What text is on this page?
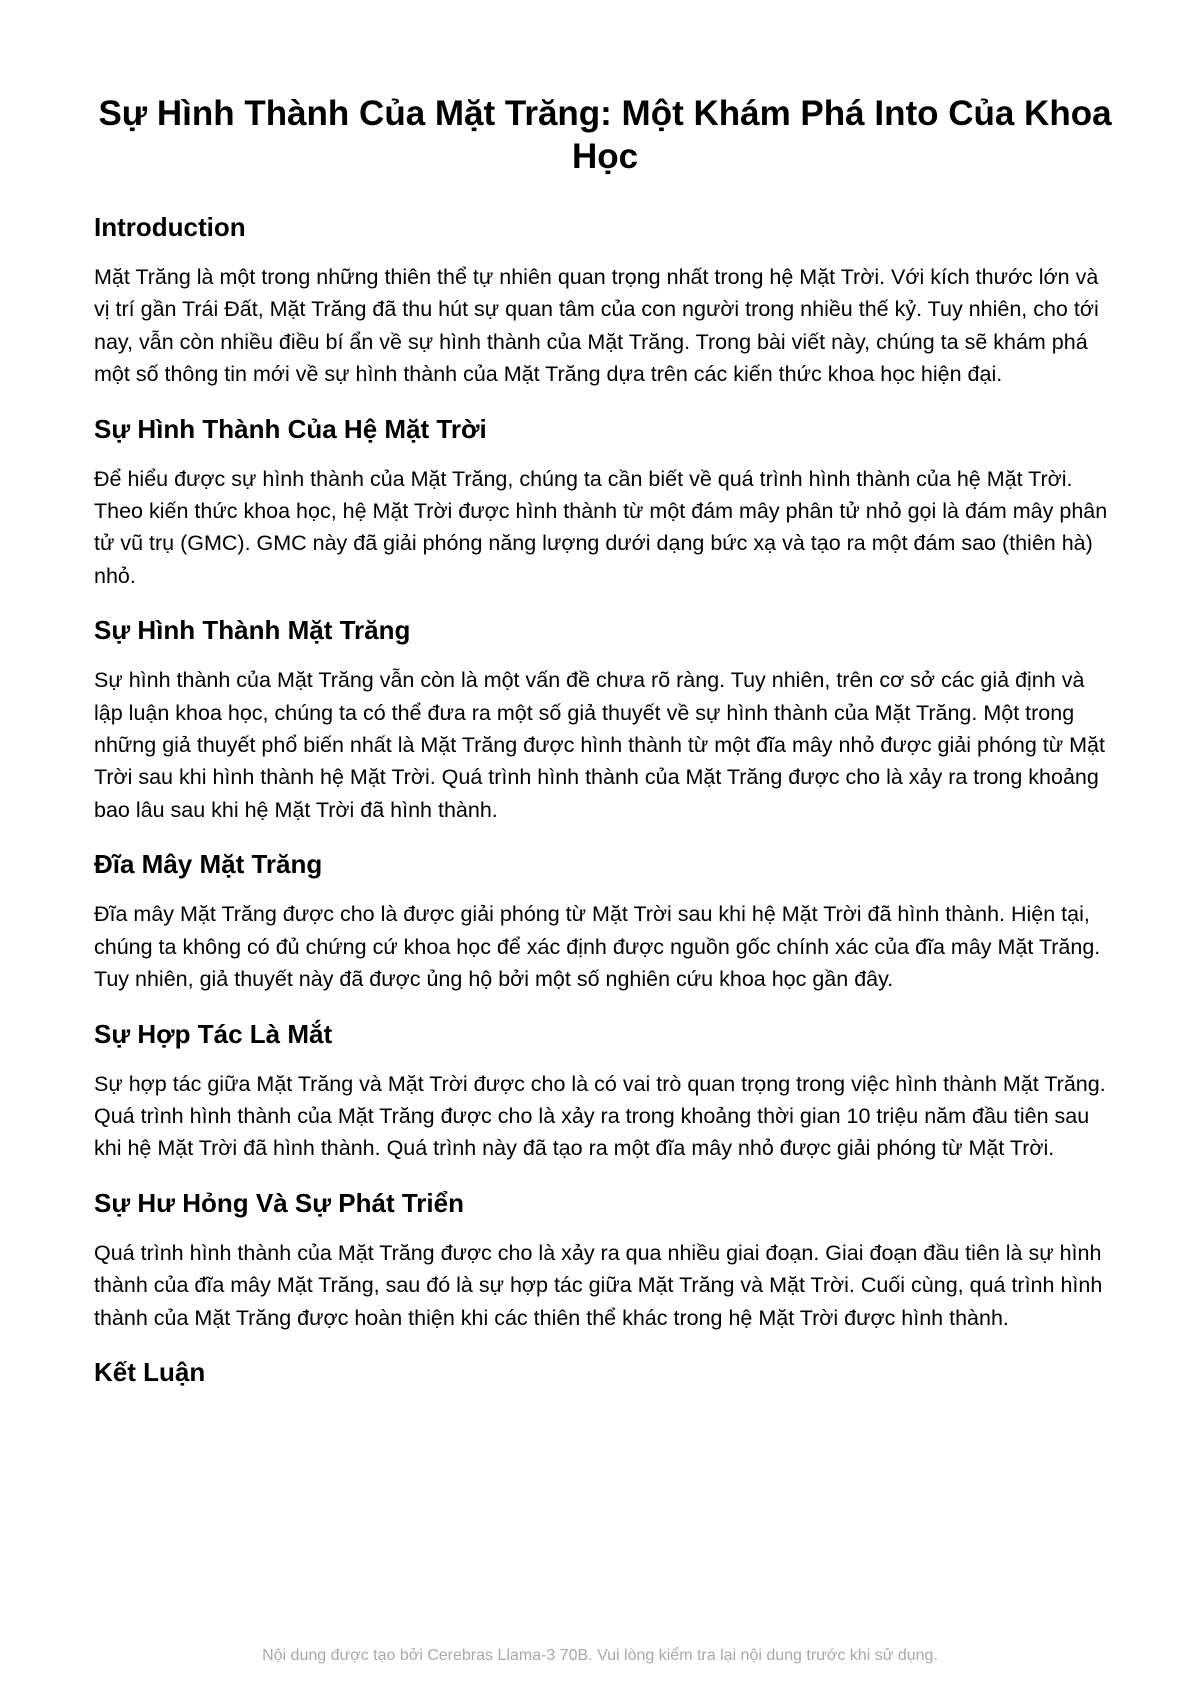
Sự Hình Thành Của Mặt Trăng: Một Khám Phá Into Của Khoa Học
Introduction

Mặt Trăng là một trong những thiên thể tự nhiên quan trọng nhất trong hệ Mặt Trời. Với kích thước lớn và vị trí gần Trái Đất, Mặt Trăng đã thu hút sự quan tâm của con người trong nhiều thế kỷ. Tuy nhiên, cho tới nay, vẫn còn nhiều điều bí ẩn về sự hình thành của Mặt Trăng. Trong bài viết này, chúng ta sẽ khám phá một số thông tin mới về sự hình thành của Mặt Trăng dựa trên các kiến thức khoa học hiện đại.

Sự Hình Thành Của Hệ Mặt Trời

Để hiểu được sự hình thành của Mặt Trăng, chúng ta cần biết về quá trình hình thành của hệ Mặt Trời. Theo kiến thức khoa học, hệ Mặt Trời được hình thành từ một đám mây phân tử nhỏ gọi là đám mây phân tử vũ trụ (GMC). GMC này đã giải phóng năng lượng dưới dạng bức xạ và tạo ra một đám sao (thiên hà) nhỏ.

Sự Hình Thành Mặt Trăng

Sự hình thành của Mặt Trăng vẫn còn là một vấn đề chưa rõ ràng. Tuy nhiên, trên cơ sở các giả định và lập luận khoa học, chúng ta có thể đưa ra một số giả thuyết về sự hình thành của Mặt Trăng. Một trong những giả thuyết phổ biến nhất là Mặt Trăng được hình thành từ một đĩa mây nhỏ được giải phóng từ Mặt Trời sau khi hình thành hệ Mặt Trời. Quá trình hình thành của Mặt Trăng được cho là xảy ra trong khoảng bao lâu sau khi hệ Mặt Trời đã hình thành.

Đĩa Mây Mặt Trăng

Đĩa mây Mặt Trăng được cho là được giải phóng từ Mặt Trời sau khi hệ Mặt Trời đã hình thành. Hiện tại, chúng ta không có đủ chứng cứ khoa học để xác định được nguồn gốc chính xác của đĩa mây Mặt Trăng. Tuy nhiên, giả thuyết này đã được ủng hộ bởi một số nghiên cứu khoa học gần đây.

Sự Hợp Tác Là Mắt

Sự hợp tác giữa Mặt Trăng và Mặt Trời được cho là có vai trò quan trọng trong việc hình thành Mặt Trăng. Quá trình hình thành của Mặt Trăng được cho là xảy ra trong khoảng thời gian 10 triệu năm đầu tiên sau khi hệ Mặt Trời đã hình thành. Quá trình này đã tạo ra một đĩa mây nhỏ được giải phóng từ Mặt Trời.

Sự Hư Hỏng Và Sự Phát Triển

Quá trình hình thành của Mặt Trăng được cho là xảy ra qua nhiều giai đoạn. Giai đoạn đầu tiên là sự hình thành của đĩa mây Mặt Trăng, sau đó là sự hợp tác giữa Mặt Trăng và Mặt Trời. Cuối cùng, quá trình hình thành của Mặt Trăng được hoàn thiện khi các thiên thể khác trong hệ Mặt Trời được hình thành.

Kết Luận
Nội dung được tạo bởi Cerebras Llama-3 70B. Vui lòng kiểm tra lại nội dung trước khi sử dụng.
